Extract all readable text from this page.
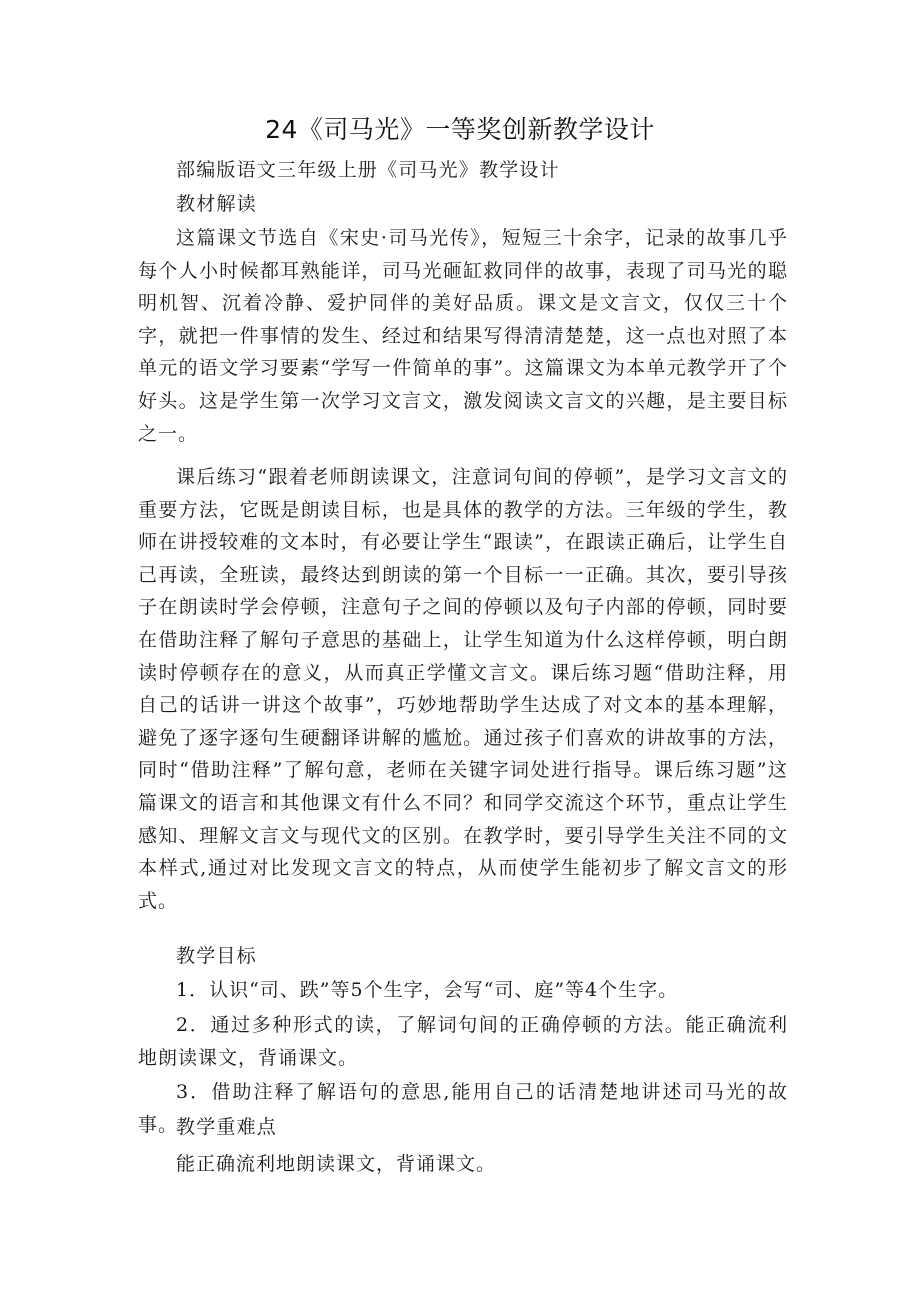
24《司马光》一等奖创新教学设计
部编版语文三年级上册《司马光》教学设计
教材解读
这篇课文节选自《宋史·司马光传》，短短三十余字，记录的故事几乎每个人小时候都耳熟能详，司马光砸缸救同伴的故事，表现了司马光的聪明机智、沉着冷静、爱护同伴的美好品质。课文是文言文，仅仅三十个字，就把一件事情的发生、经过和结果写得清清楚楚，这一点也对照了本单元的语文学习要素“学写一件简单的事”。这篇课文为本单元教学开了个好头。这是学生第一次学习文言文，激发阅读文言文的兴趣，是主要目标之一。
课后练习“跟着老师朗读课文，注意词句间的停顿”，是学习文言文的重要方法，它既是朗读目标，也是具体的教学的方法。三年级的学生，教师在讲授较难的文本时，有必要让学生“跟读”，在跟读正确后，让学生自己再读，全班读，最终达到朗读的第一个目标一一正确。其次，要引导孩子在朗读时学会停顿，注意句子之间的停顿以及句子内部的停顿，同时要在借助注释了解句子意思的基础上，让学生知道为什么这样停顿，明白朗读时停顿存在的意义，从而真正学懂文言文。课后练习题“借助注释，用自己的话讲一讲这个故事”，巧妙地帮助学生达成了对文本的基本理解，避免了逐字逐句生硬翻译讲解的尴尬。通过孩子们喜欢的讲故事的方法，同时“借助注释”了解句意，老师在关键字词处进行指导。课后练习题”这篇课文的语言和其他课文有什么不同？和同学交流这个环节，重点让学生感知、理解文言文与现代文的区别。在教学时，要引导学生关注不同的文本样式,通过对比发现文言文的特点，从而使学生能初步了解文言文的形式。
教学目标
1．认识“司、跌”等5个生字，会写“司、庭”等4个生字。
2．通过多种形式的读，了解词句间的正确停顿的方法。能正确流利地朗读课文，背诵课文。
3．借助注释了解语句的意思,能用自己的话清楚地讲述司马光的故事。
教学重难点
能正确流利地朗读课文，背诵课文。
